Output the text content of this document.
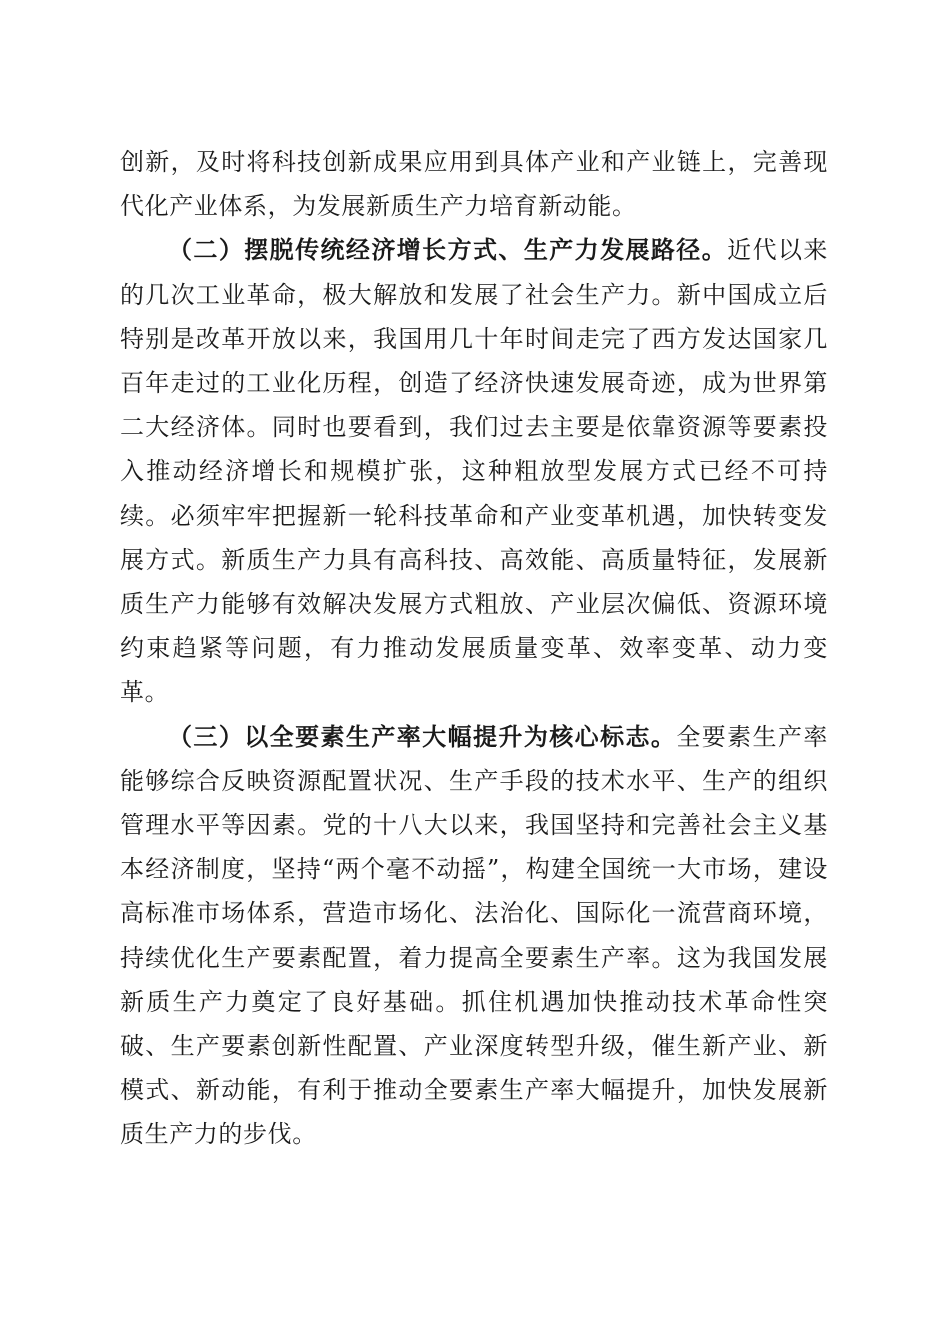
创新，及时将科技创新成果应用到具体产业和产业链上，完善现代化产业体系，为发展新质生产力培育新动能。

（二）摆脱传统经济增长方式、生产力发展路径。近代以来的几次工业革命，极大解放和发展了社会生产力。新中国成立后特别是改革开放以来，我国用几十年时间走完了西方发达国家几百年走过的工业化历程，创造了经济快速发展奇迹，成为世界第二大经济体。同时也要看到，我们过去主要是依靠资源等要素投入推动经济增长和规模扩张，这种粗放型发展方式已经不可持续。必须牢牢把握新一轮科技革命和产业变革机遇，加快转变发展方式。新质生产力具有高科技、高效能、高质量特征，发展新质生产力能够有效解决发展方式粗放、产业层次偏低、资源环境约束趋紧等问题，有力推动发展质量变革、效率变革、动力变革。

（三）以全要素生产率大幅提升为核心标志。全要素生产率能够综合反映资源配置状况、生产手段的技术水平、生产的组织管理水平等因素。党的十八大以来，我国坚持和完善社会主义基本经济制度，坚持“两个毫不动摇”，构建全国统一大市场，建设高标准市场体系，营造市场化、法治化、国际化一流营商环境，持续优化生产要素配置，着力提高全要素生产率。这为我国发展新质生产力奠定了良好基础。抓住机遇加快推动技术革命性突破、生产要素创新性配置、产业深度转型升级，催生新产业、新模式、新动能，有利于推动全要素生产率大幅提升，加快发展新质生产力的步伐。
